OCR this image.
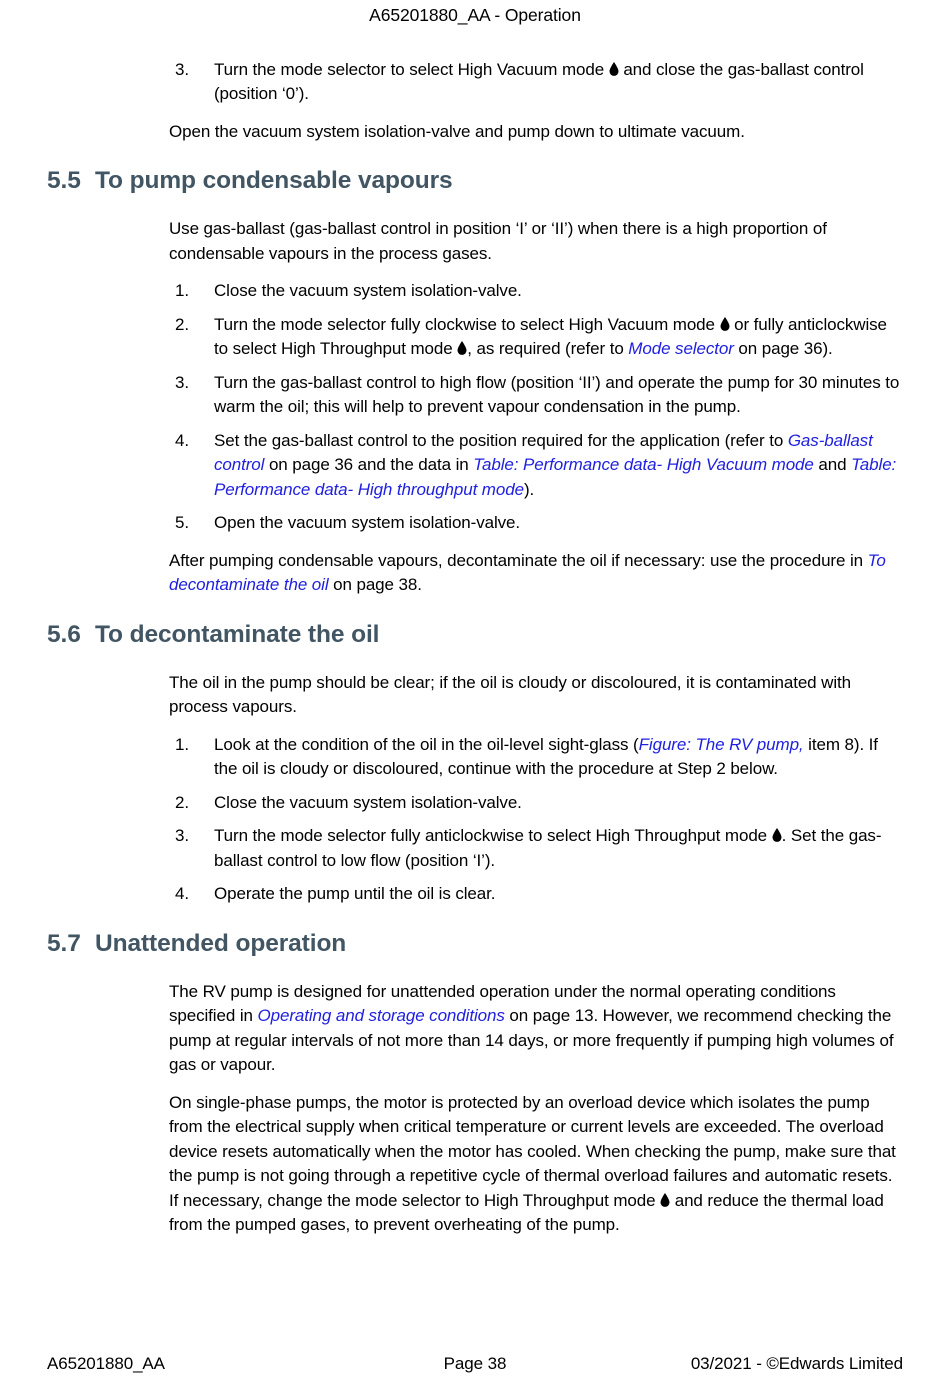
A65201880_AA - Operation
3.	Turn the mode selector to select High Vacuum mode
and close the gas-ballast control (position ‘0’).

Open the vacuum system isolation-valve and pump down to ultimate vacuum.

5.5 To pump condensable vapours

Use gas-ballast (gas-ballast control in position ‘I’ or ‘II’) when there is a high proportion of condensable vapours in the process gases.

1.	Close the vacuum system isolation-valve.
2.	Turn the mode selector fully clockwise to select High Vacuum mode
or fully anticlockwise to select High Throughput mode
, as required (refer to Mode selector on page 36).
3.	Turn the gas-ballast control to high flow (position ‘II’) and operate the pump for 30 minutes to warm the oil; this will help to prevent vapour condensation in the pump.
4.	Set the gas-ballast control to the position required for the application (refer to Gas-ballast control on page 36 and the data in Table: Performance data- High Vacuum mode and Table: Performance data- High throughput mode).
5.	Open the vacuum system isolation-valve.

After pumping condensable vapours, decontaminate the oil if necessary: use the procedure in To decontaminate the oil on page 38.

5.6 To decontaminate the oil

The oil in the pump should be clear; if the oil is cloudy or discoloured, it is contaminated with process vapours.

1.	Look at the condition of the oil in the oil-level sight-glass (Figure: The RV pump, item 8). If the oil is cloudy or discoloured, continue with the procedure at Step 2 below.
2.	Close the vacuum system isolation-valve.
3.	Turn the mode selector fully anticlockwise to select High Throughput mode
. Set the gas-ballast control to low flow (position ‘I’).
4.	Operate the pump until the oil is clear.
5.7 Unattended operation

The RV pump is designed for unattended operation under the normal operating conditions specified in Operating and storage conditions on page 13. However, we recommend checking the pump at regular intervals of not more than 14 days, or more frequently if pumping high volumes of gas or vapour.

On single-phase pumps, the motor is protected by an overload device which isolates the pump from the electrical supply when critical temperature or current levels are exceeded. The overload device resets automatically when the motor has cooled. When checking the pump, make sure that the pump is not going through a repetitive cycle of thermal overload failures and automatic resets. If necessary, change the mode selector to High Throughput mode
and reduce the thermal load from the pumped gases, to prevent overheating of the pump.

A65201880_AA	Page 38	03/2021 - ©Edwards Limited
